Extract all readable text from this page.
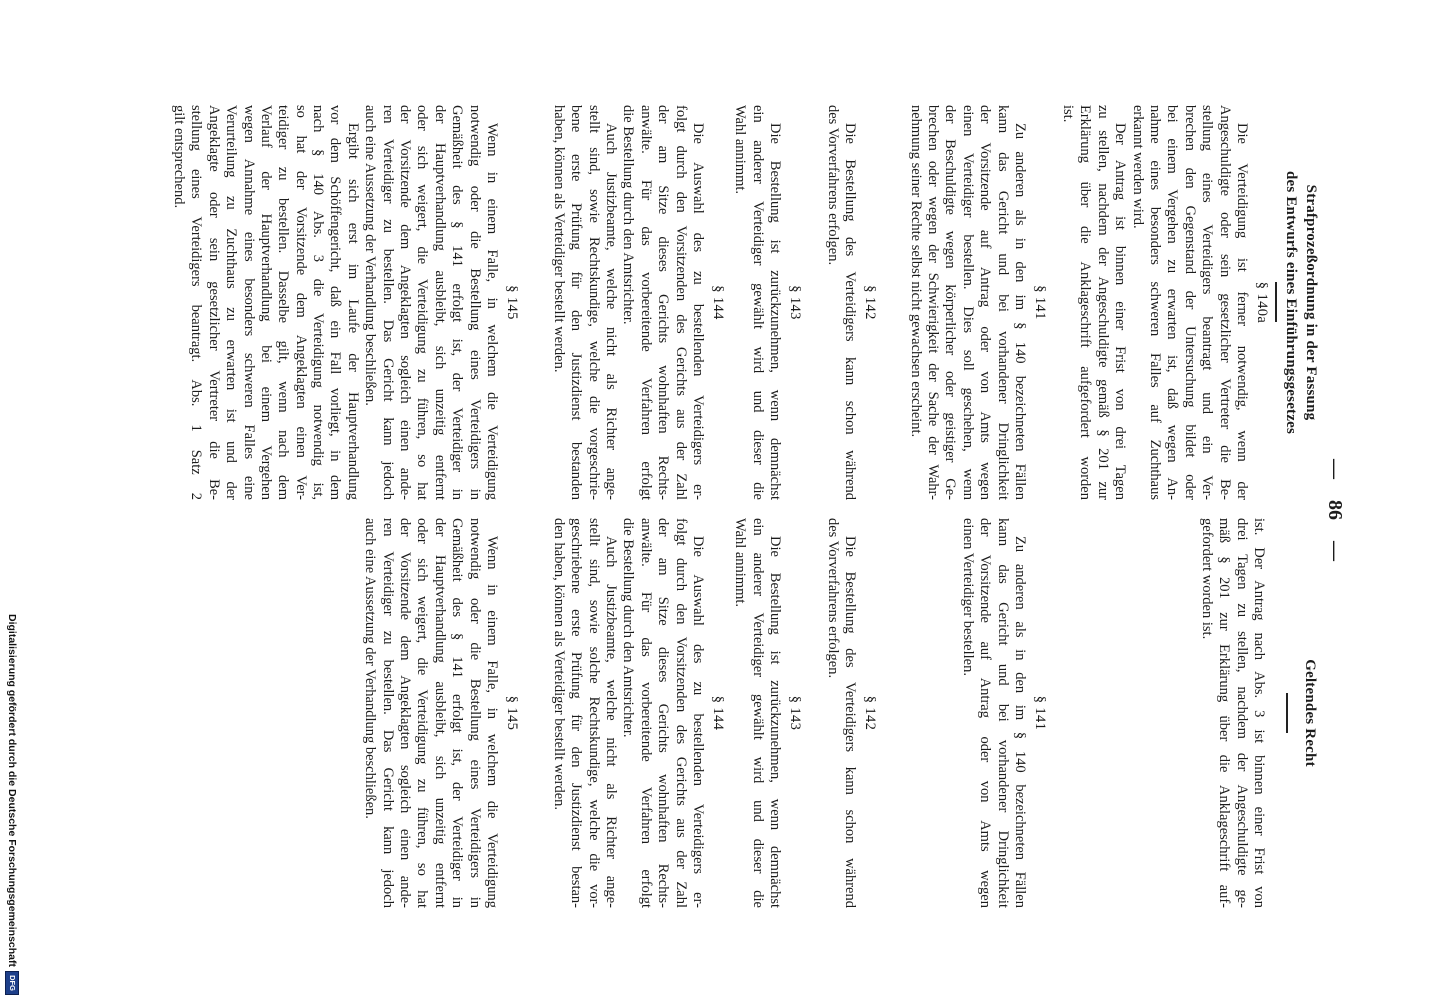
— 86 —
Strafprozeßordnung in der Fassung
des Entwurfs eines Einführungsgesetzes
Geltendes Recht
§ 140a
Die Verteidigung ist ferner notwendig, wenn der
Angeschuldigte oder sein gesetzlicher Vertreter die Be-
stellung eines Verteidigers beantragt und ein Ver-
brechen den Gegenstand der Untersuchung bildet oder
bei einem Vergehen zu erwarten ist, daß wegen An-
nahme eines besonders schweren Falles auf Zuchthaus
erkannt werden wird.
Der Antrag ist binnen einer Frist von drei Tagen
zu stellen, nachdem der Angeschuldigte gemäß § 201 zur
Erklärung über die Anklageschrift aufgefordert worden
ist.
§ 141
Zu anderen als in den im § 140 bezeichneten Fällen
kann das Gericht und bei vorhandener Dringlichkeit
der Vorsitzende auf Antrag oder von Amts wegen
einen Verteidiger bestellen. Dies soll geschehen, wenn
der Beschuldigte wegen körperlicher oder geistiger Ge-
brechen oder wegen der Schwierigkeit der Sache der Wahr-
nehmung seiner Rechte selbst nicht gewachsen erscheint.
§ 142
Die Bestellung des Verteidigers kann schon während
des Vorverfahrens erfolgen.
§ 143
Die Bestellung ist zurückzunehmen, wenn demnächst
ein anderer Verteidiger gewählt wird und dieser die
Wahl annimmt.
§ 144
Die Auswahl des zu bestellenden Verteidigers er-
folgt durch den Vorsitzenden des Gerichts aus der Zahl
der am Sitze dieses Gerichts wohnhaften Rechts-
anwälte. Für das vorbereitende Verfahren erfolgt
die Bestellung durch den Amtsrichter.
Auch Justizbeamte, welche nicht als Richter ange-
stellt sind, sowie Rechtskundige, welche die vorgeschrie-
bene erste Prüfung für den Justizdienst bestanden
haben, können als Verteidiger bestellt werden.
§ 145
Wenn in einem Falle, in welchem die Verteidigung
notwendig oder die Bestellung eines Verteidigers in
Gemäßheit des § 141 erfolgt ist, der Verteidiger in
der Hauptverhandlung ausbleibt, sich unzeitig entfernt
oder sich weigert, die Verteidigung zu führen, so hat
der Vorsitzende dem Angeklagten sogleich einen ande-
ren Verteidiger zu bestellen. Das Gericht kann jedoch
auch eine Aussetzung der Verhandlung beschließen.
Ergibt sich erst im Laufe der Hauptverhandlung
vor dem Schöffengericht, daß ein Fall vorliegt, in dem
nach § 140 Abs. 3 die Verteidigung notwendig ist,
so hat der Vorsitzende dem Angeklagten einen Ver-
teidiger zu bestellen. Dasselbe gilt, wenn nach dem
Verlauf der Hauptverhandlung bei einem Vergehen
wegen Annahme eines besonders schweren Falles eine
Verurteilung zu Zuchthaus zu erwarten ist und der
Angeklagte oder sein gesetzlicher Vertreter die Be-
stellung eines Verteidigers beantragt. Abs. 1 Satz 2
gilt entsprechend.
ist. Der Antrag nach Abs. 3 ist binnen einer Frist von
drei Tagen zu stellen, nachdem der Angeschuldigte ge-
mäß § 201 zur Erklärung über die Anklageschrift auf-
gefordert worden ist.
§ 141
Zu anderen als in den im § 140 bezeichneten Fällen
kann das Gericht und bei vorhandener Dringlichkeit
der Vorsitzende auf Antrag oder von Amts wegen
einen Verteidiger bestellen.
§ 142
Die Bestellung des Verteidigers kann schon während
des Vorverfahrens erfolgen.
§ 143
Die Bestellung ist zurückzunehmen, wenn demnächst
ein anderer Verteidiger gewählt wird und dieser die
Wahl annimmt.
§ 144
Die Auswahl des zu bestellenden Verteidigers er-
folgt durch den Vorsitzenden des Gerichts aus der Zahl
der am Sitze dieses Gerichts wohnhaften Rechts-
anwälte. Für das vorbereitende Verfahren erfolgt
die Bestellung durch den Amtsrichter.
Auch Justizbeamte, welche nicht als Richter ange-
stellt sind, sowie solche Rechtskundige, welche die vor-
geschriebene erste Prüfung für den Justizdienst bestan-
den haben, können als Verteidiger bestellt werden.
§ 145
Wenn in einem Falle, in welchem die Verteidigung
notwendig oder die Bestellung eines Verteidigers in
Gemäßheit des § 141 erfolgt ist, der Verteidiger in
der Hauptverhandlung ausbleibt, sich unzeitig entfernt
oder sich weigert, die Verteidigung zu führen, so hat
der Vorsitzende dem Angeklagten sogleich einen ande-
ren Verteidiger zu bestellen. Das Gericht kann jedoch
auch eine Aussetzung der Verhandlung beschließen.
Digitalisierung gefördert durch die Deutsche Forschungsgemeinschaft
DFG
